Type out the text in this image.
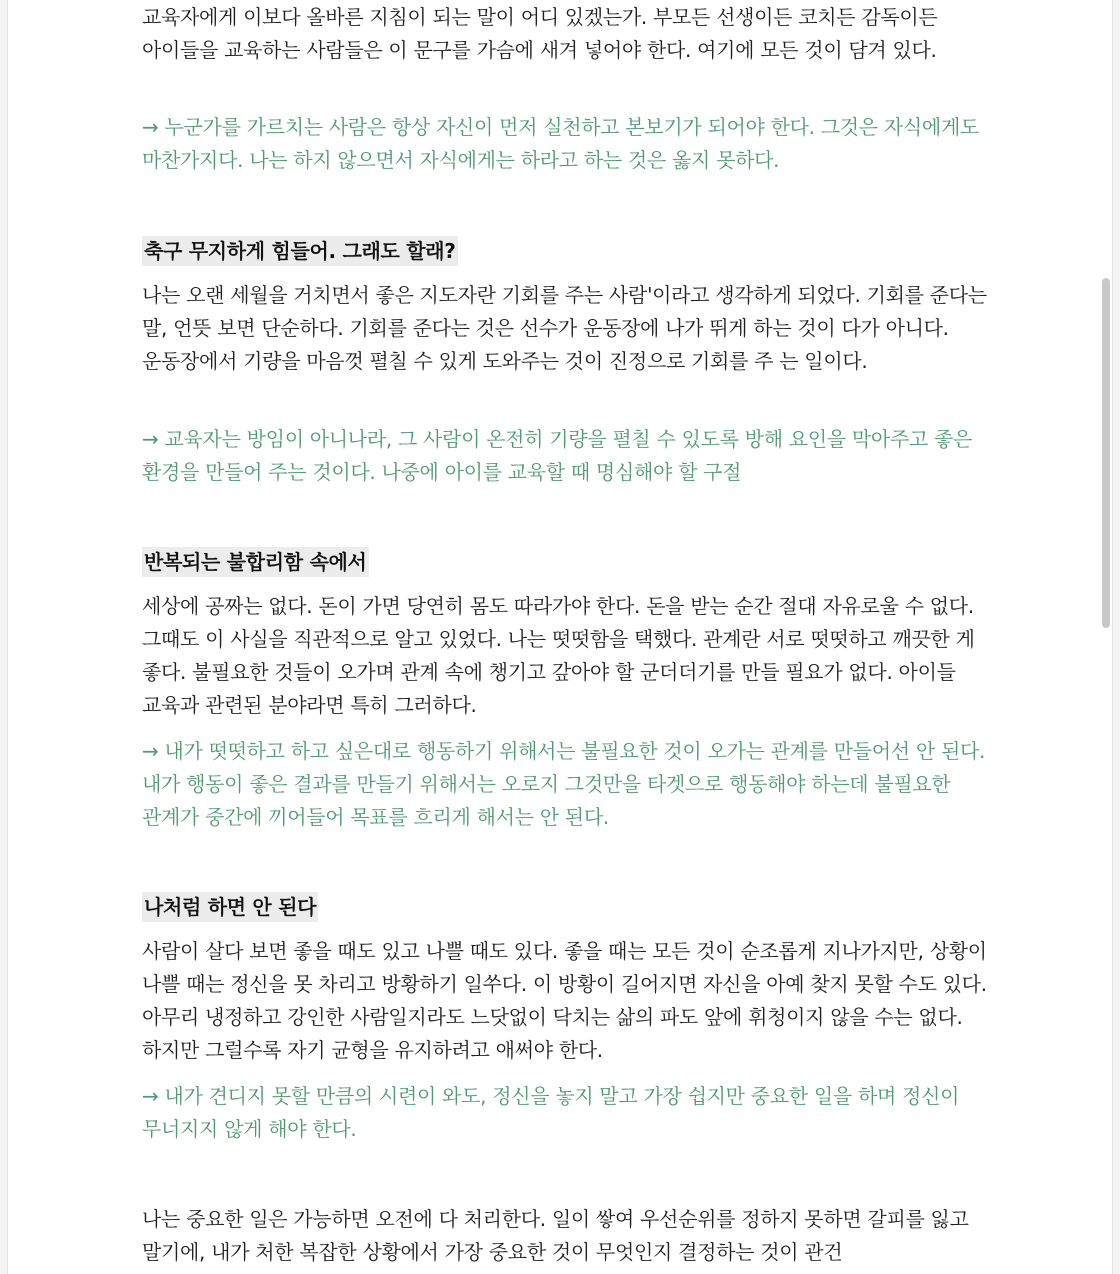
교육자에게 이보다 올바른 지침이 되는 말이 어디 있겠는가. 부모든 선생이든 코치든 감독이든 아이들을 교육하는 사람들은 이 문구를 가슴에 새겨 넣어야 한다. 여기에 모든 것이 담겨 있다.

→ 누군가를 가르치는 사람은 항상 자신이 먼저 실천하고 본보기가 되어야 한다. 그것은 자식에게도 마찬가지다. 나는 하지 않으면서 자식에게는 하라고 하는 것은 옳지 못하다.

축구 무지하게 힘들어. 그래도 할래?

나는 오랜 세월을 거치면서 좋은 지도자란 기회를 주는 사람'이라고 생각하게 되었다. 기회를 준다는 말, 언뜻 보면 단순하다. 기회를 준다는 것은 선수가 운동장에 나가 뛰게 하는 것이 다가 아니다. 운동장에서 기량을 마음껏 펼칠 수 있게 도와주는 것이 진정으로 기회를 주 는 일이다.

→ 교육자는 방임이 아니나라, 그 사람이 온전히 기량을 펼칠 수 있도록 방해 요인을 막아주고 좋은 환경을 만들어 주는 것이다. 나중에 아이를 교육할 때 명심해야 할 구절

반복되는 불합리함 속에서

세상에 공짜는 없다. 돈이 가면 당연히 몸도 따라가야 한다. 돈을 받는 순간 절대 자유로울 수 없다. 그때도 이 사실을 직관적으로 알고 있었다. 나는 떳떳함을 택했다. 관계란 서로 떳떳하고 깨끗한 게 좋다. 불필요한 것들이 오가며 관계 속에 챙기고 갚아야 할 군더더기를 만들 필요가 없다. 아이들 교육과 관련된 분야라면 특히 그러하다.

→ 내가 떳떳하고 하고 싶은대로 행동하기 위해서는 불필요한 것이 오가는 관계를 만들어선 안 된다. 내가 행동이 좋은 결과를 만들기 위해서는 오로지 그것만을 타겟으로 행동해야 하는데 불필요한 관계가 중간에 끼어들어 목표를 흐리게 해서는 안 된다.

나처럼 하면 안 된다

사람이 살다 보면 좋을 때도 있고 나쁠 때도 있다. 좋을 때는 모든 것이 순조롭게 지나가지만, 상황이 나쁠 때는 정신을 못 차리고 방황하기 일쑤다. 이 방황이 길어지면 자신을 아예 찾지 못할 수도 있다. 아무리 냉정하고 강인한 사람일지라도 느닷없이 닥치는 삶의 파도 앞에 휘청이지 않을 수는 없다. 하지만 그럴수록 자기 균형을 유지하려고 애써야 한다.

→ 내가 견디지 못할 만큼의 시련이 와도, 정신을 놓지 말고 가장 쉽지만 중요한 일을 하며 정신이 무너지지 않게 해야 한다.

나는 중요한 일은 가능하면 오전에 다 처리한다. 일이 쌓여 우선순위를 정하지 못하면 갈피를 잃고 말기에, 내가 처한 복잡한 상황에서 가장 중요한 것이 무엇인지 결정하는 것이 관건
